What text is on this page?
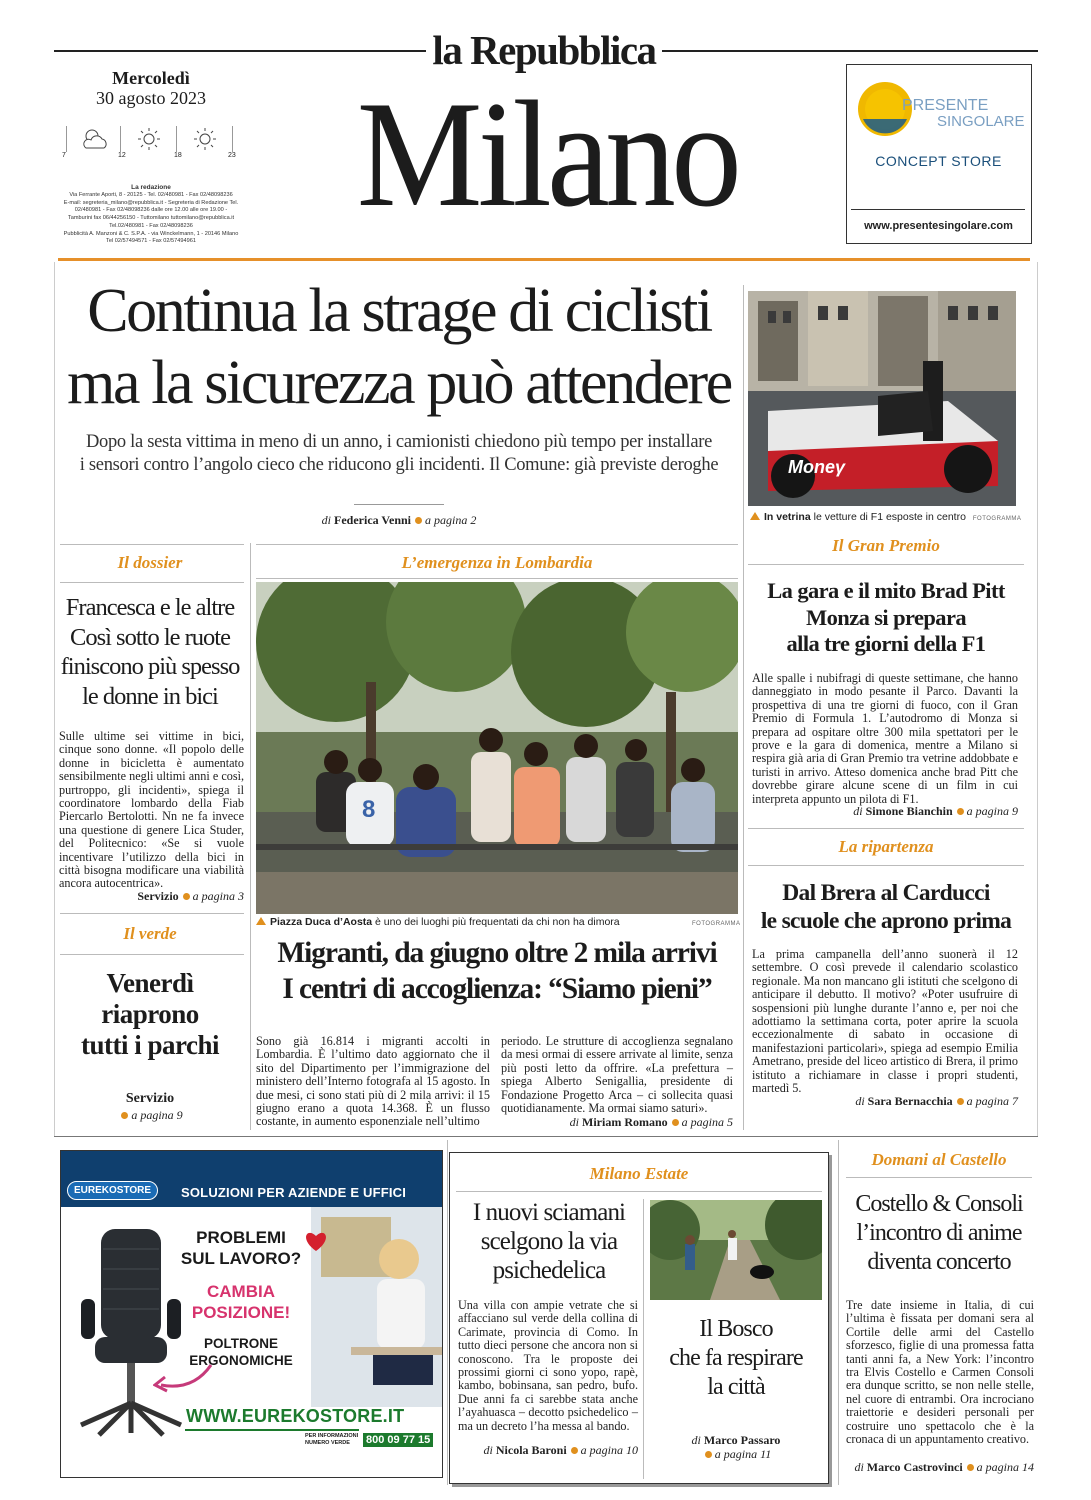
la Repubblica
Milano
Mercoledì
30 agosto 2023
7	12	18	23
La redazione
Via Ferrante Aporti, 8 - 20125 - Tel. 02/480981 - Fax 02/48098236
E-mail: segreteria_milano@repubblica.it - Segreteria di Redazione Tel.
02/480981 - Fax 02/48098236 dalle ore 12.00 alle ore 19.00 -
Tamburini fax 06/44256150 - Tuttomilano tuttomilano@repubblica.it
Tel.02/480981 - Fax 02/48098236
Pubblicità A. Manzoni & C. S.P.A. - via Winckelmann, 1 - 20146 Milano
Tel 02/57494571 - Fax 02/57494961
PRESENTE
SINGOLARE
CONCEPT STORE
www.presentesingolare.com
Continua la strage di ciclisti
ma la sicurezza può attendere
Dopo la sesta vittima in meno di un anno, i camionisti chiedono più tempo per installare
i sensori contro l’angolo cieco che riducono gli incidenti. Il Comune: già previste deroghe
di Federica Venni a pagina 2
Moneγ
In vetrina le vetture di F1 esposte in centro FOTOGRAMMA
Il dossier
Francesca e le altre
Così sotto le ruote
finiscono più spesso
le donne in bici
Sulle ultime sei vittime in bici, cinque sono donne. «Il popolo delle donne in bicicletta è aumentato sensibilmente negli ultimi anni e così, purtroppo, gli incidenti», spiega il coordinatore lombardo della Fiab Piercarlo Bertolotti. Nn ne fa invece una questione di genere Lica Studer, del Politecnico: «Se si vuole incentivare l’utilizzo della bici in città bisogna modificare una viabilità ancora autocentrica».
Servizio a pagina 3
Il verde
Venerdì
riaprono
tutti i parchi
Servizio
a pagina 9
L’emergenza in Lombardia
8
Piazza Duca d’Aosta è uno dei luoghi più frequentati da chi non ha dimora	FOTOGRAMMA
Migranti, da giugno oltre 2 mila arrivi
I centri di accoglienza: “Siamo pieni”
Sono già 16.814 i migranti accolti in Lombardia. È l’ultimo dato aggiornato che il sito del Dipartimento per l’immigrazione del ministero dell’Interno fotografa al 15 agosto. In due mesi, ci sono stati più di 2 mila arrivi: il 15 giugno erano a quota 14.368. È un flusso costante, in aumento esponenziale nell’ultimo
periodo. Le strutture di accoglienza segnalano da mesi ormai di essere arrivate al limite, senza più posti letto da offrire. «La prefettura – spiega Alberto Senigallia, presidente di Fondazione Progetto Arca – ci sollecita quasi quotidianamente. Ma ormai siamo saturi».
di Miriam Romano a pagina 5
Il Gran Premio
La gara e il mito Brad Pitt
Monza si prepara
alla tre giorni della F1
Alle spalle i nubifragi di queste settimane, che hanno danneggiato in modo pesante il Parco. Davanti la prospettiva di una tre giorni di fuoco, con il Gran Premio di Formula 1. L’autodromo di Monza si prepara ad ospitare oltre 300 mila spettatori per le prove e la gara di domenica, mentre a Milano si respira già aria di Gran Premio tra vetrine addobbate e turisti in arrivo. Atteso domenica anche brad Pitt che dovrebbe girare alcune scene di un film in cui interpreta appunto un pilota di F1.
di Simone Bianchin a pagina 9
La ripartenza
Dal Brera al Carducci
le scuole che aprono prima
La prima campanella dell’anno suonerà il 12 settembre. O così prevede il calendario scolastico regionale. Ma non mancano gli istituti che scelgono di anticipare il debutto. Il motivo? «Poter usufruire di sospensioni più lunghe durante l’anno e, per noi che adottiamo la settimana corta, poter aprire la scuola eccezionalmente di sabato in occasione di manifestazioni particolari», spiega ad esempio Emilia Ametrano, preside del liceo artistico di Brera, il primo istituto a richiamare in classe i propri studenti, martedì 5.
di Sara Bernacchia a pagina 7
EUREKOSTORE	SOLUZIONI PER AZIENDE E UFFICI
PROBLEMI
SUL LAVORO?
CAMBIA
POSIZIONE!
POLTRONE
ERGONOMICHE
WWW.EUREKOSTORE.IT
PER INFORMAZIONI NUMERO VERDE	800 09 77 15
Milano Estate
I nuovi sciamani
scelgono la via
psichedelica
Una villa con ampie vetrate che si affacciano sul verde della collina di Carimate, provincia di Como. In tutto dieci persone che ancora non si conoscono. Tra le proposte dei prossimi giorni ci sono yopo, rapè, kambo, bobinsana, san pedro, bufo. Due anni fa ci sarebbe stata anche l’ayahuasca – decotto psichedelico – ma un decreto l’ha messa al bando.
di Nicola Baroni a pagina 10
Il Bosco
che fa respirare
la città
di Marco Passaro
a pagina 11
Domani al Castello
Costello & Consoli
l’incontro di anime
diventa concerto
Tre date insieme in Italia, di cui l’ultima è fissata per domani sera al Cortile delle armi del Castello sforzesco, figlie di una promessa fatta tanti anni fa, a New York: l’incontro tra Elvis Costello e Carmen Consoli era dunque scritto, se non nelle stelle, nel cuore di entrambi. Ora incrociano traiettorie e desideri personali per costruire uno spettacolo che è la cronaca di un appuntamento creativo.
di Marco Castrovinci a pagina 14
